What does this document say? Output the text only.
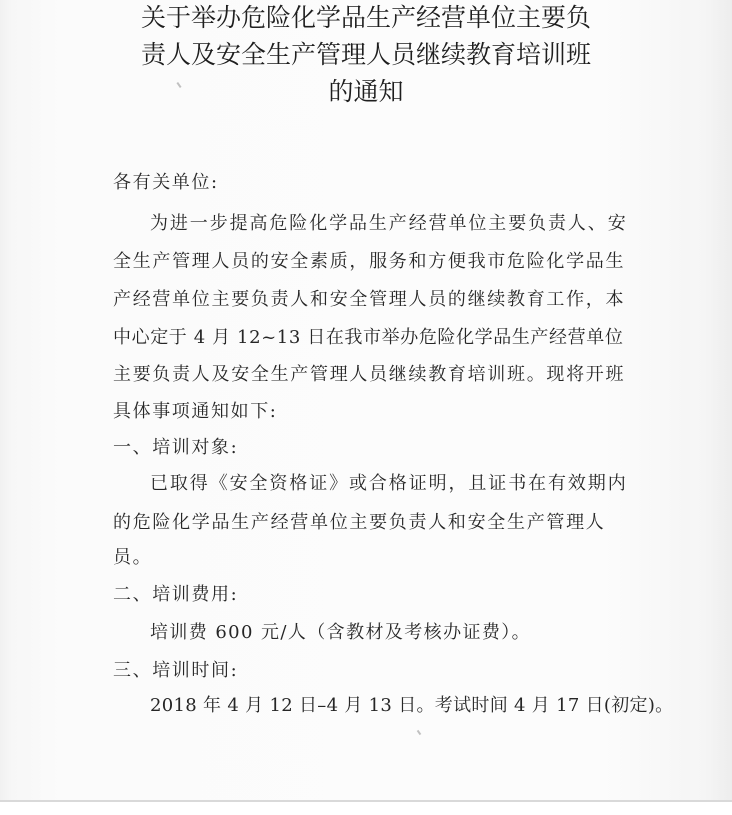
关于举办危险化学品生产经营单位主要负
责人及安全生产管理人员继续教育培训班
的通知
各有关单位:
为进一步提高危险化学品生产经营单位主要负责人、安
全生产管理人员的安全素质，服务和方便我市危险化学品生
产经营单位主要负责人和安全管理人员的继续教育工作，本
中心定于 4 月 12~13 日在我市举办危险化学品生产经营单位
主要负责人及安全生产管理人员继续教育培训班。现将开班
具体事项通知如下:
一、培训对象:
已取得《安全资格证》或合格证明，且证书在有效期内
的危险化学品生产经营单位主要负责人和安全生产管理人
员。
二、培训费用:
培训费 600 元/人（含教材及考核办证费）。
三、培训时间:
2018 年 4 月 12 日–4 月 13 日。考试时间 4 月 17 日(初定)。
